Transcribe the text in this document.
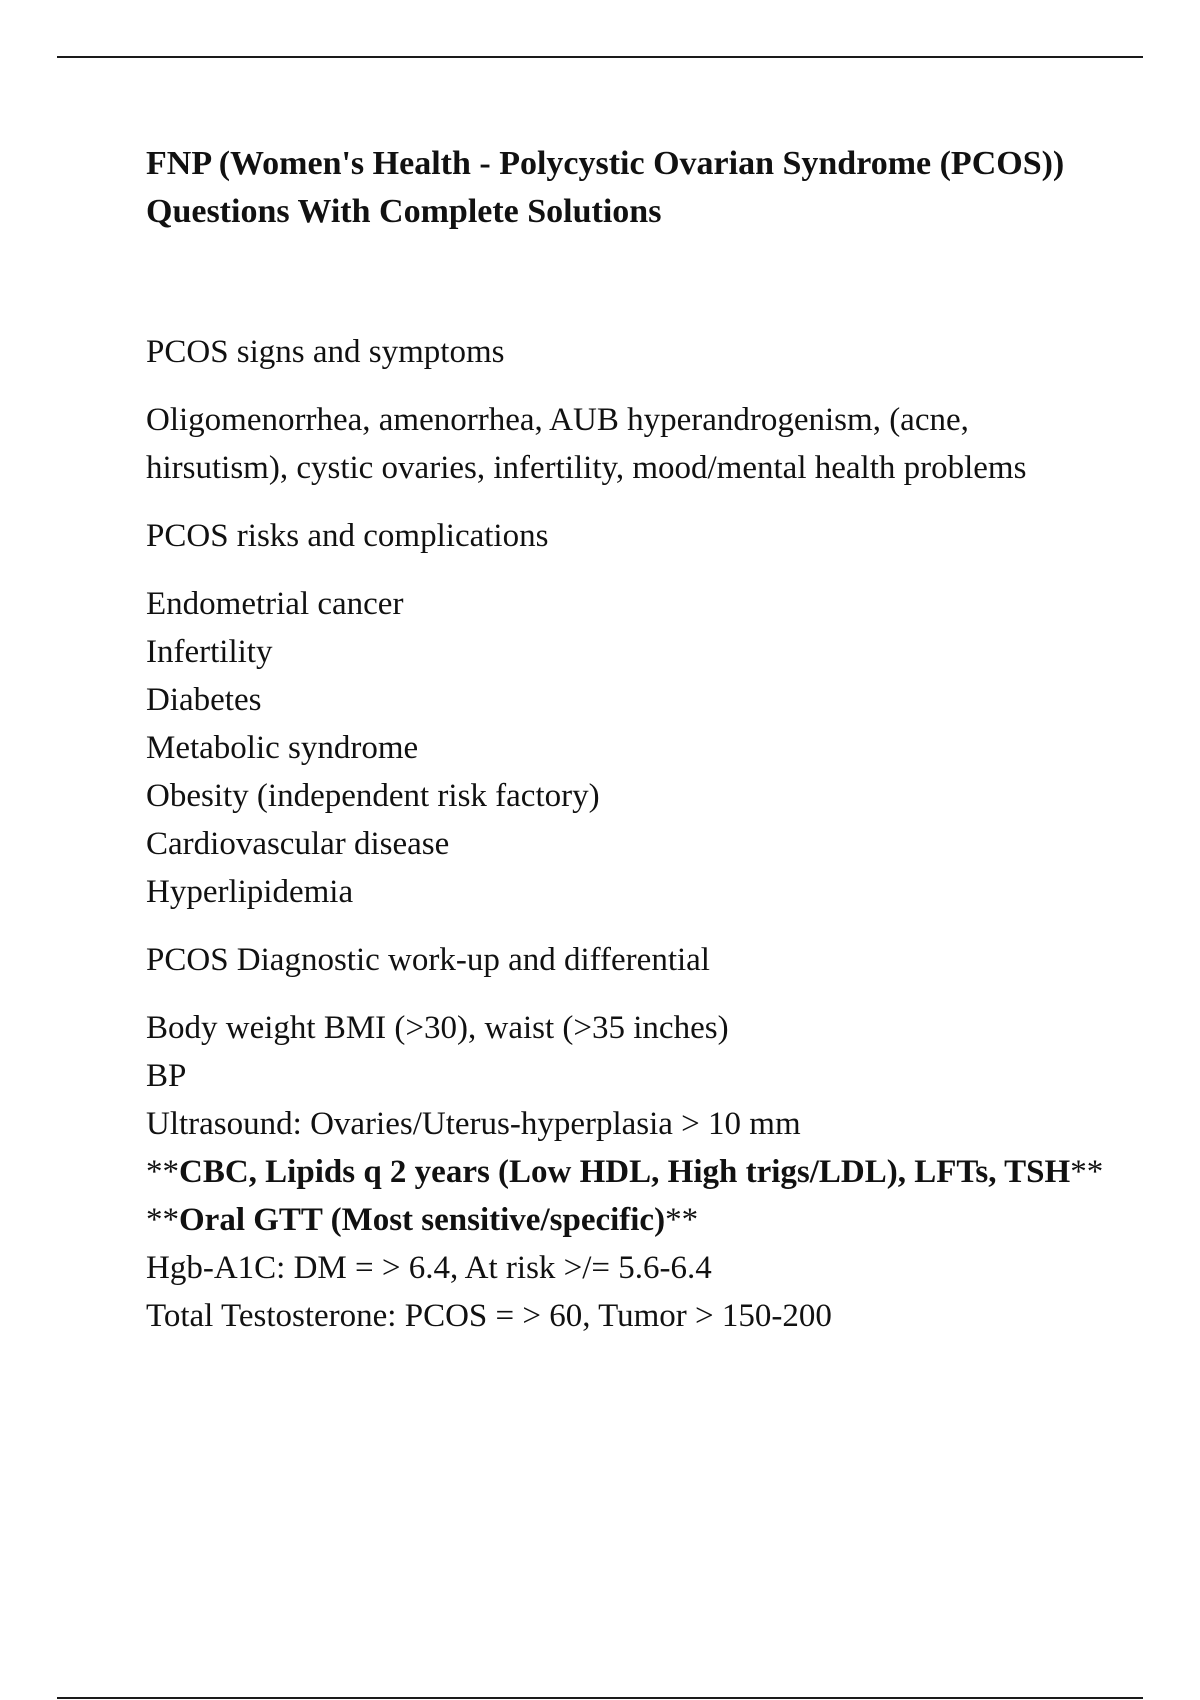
FNP (Women's Health - Polycystic Ovarian Syndrome (PCOS)) Questions With Complete Solutions

PCOS signs and symptoms

Oligomenorrhea, amenorrhea, AUB hyperandrogenism, (acne, hirsutism), cystic ovaries, infertility, mood/mental health problems

PCOS risks and complications

Endometrial cancer
Infertility
Diabetes
Metabolic syndrome
Obesity (independent risk factory)
Cardiovascular disease
Hyperlipidemia

PCOS Diagnostic work-up and differential

Body weight BMI (>30), waist (>35 inches)
BP
Ultrasound: Ovaries/Uterus-hyperplasia > 10 mm
**CBC, Lipids q 2 years (Low HDL, High trigs/LDL), LFTs, TSH**
**Oral GTT (Most sensitive/specific)**
Hgb-A1C: DM = > 6.4, At risk >/= 5.6-6.4
Total Testosterone: PCOS = > 60, Tumor > 150-200
